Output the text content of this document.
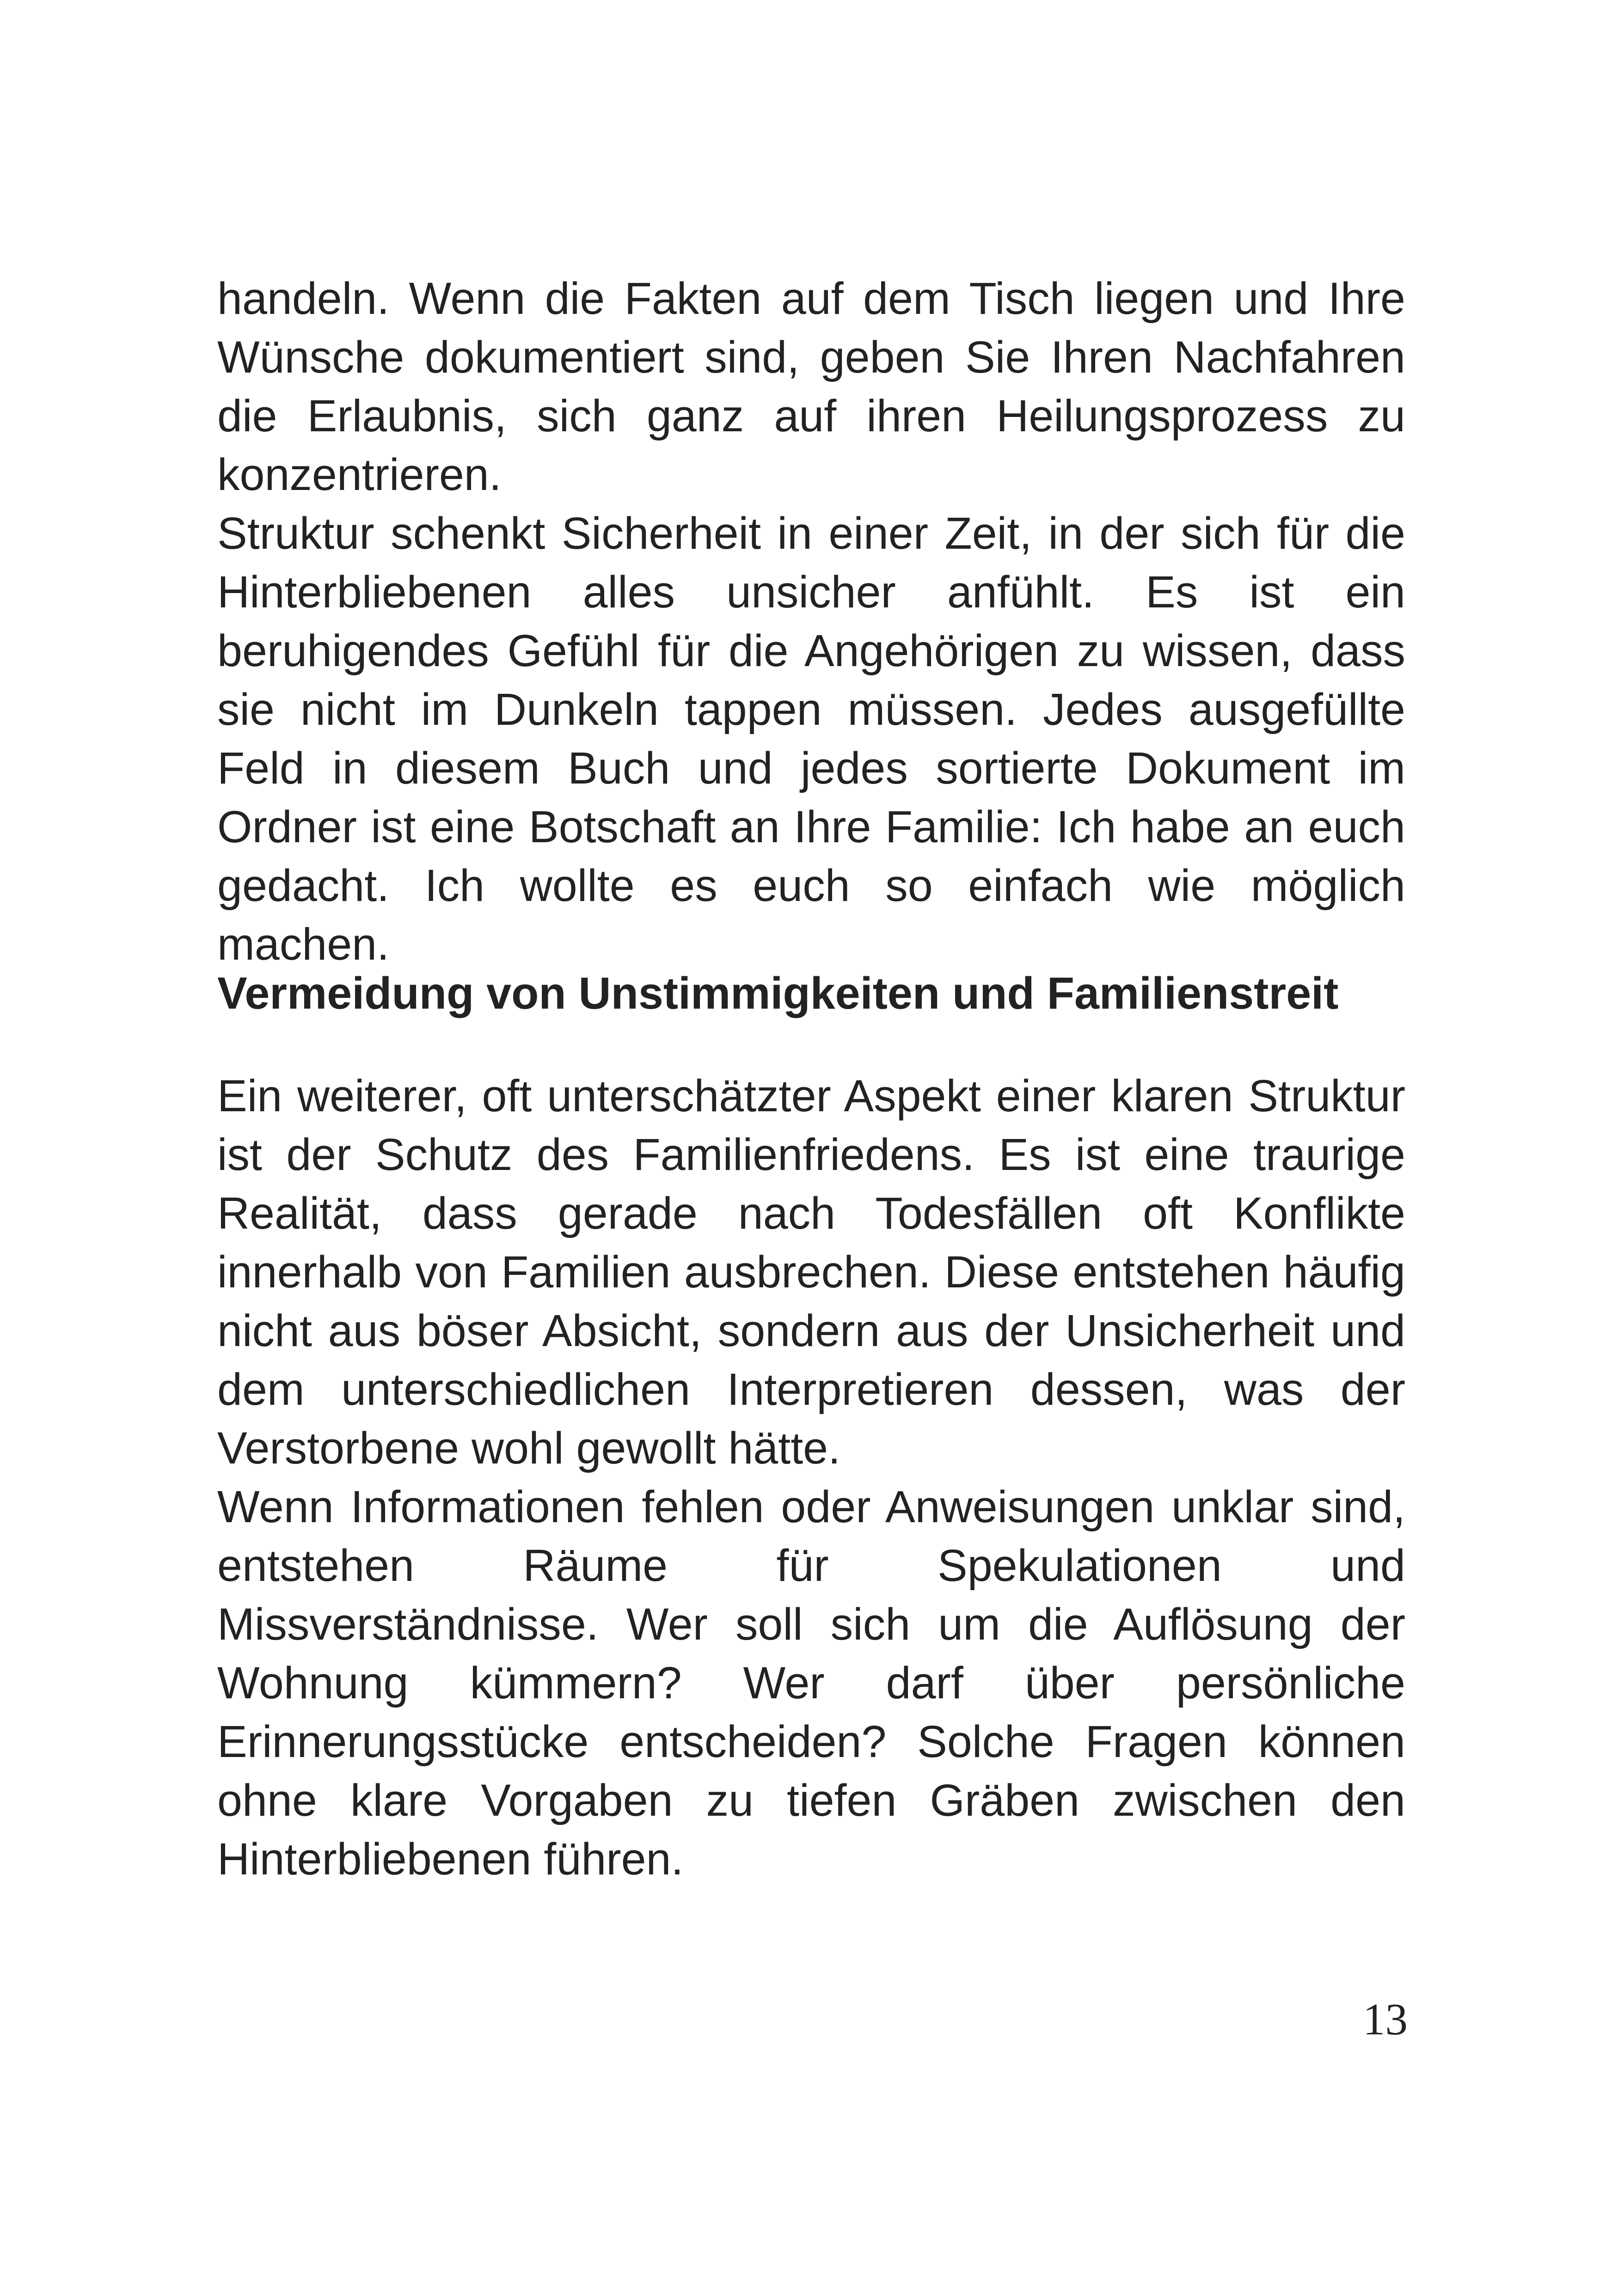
handeln. Wenn die Fakten auf dem Tisch liegen und Ihre Wünsche dokumentiert sind, geben Sie Ihren Nachfahren die Erlaubnis, sich ganz auf ihren Heilungsprozess zu konzentrieren.

Struktur schenkt Sicherheit in einer Zeit, in der sich für die Hinterbliebenen alles unsicher anfühlt. Es ist ein beruhigendes Gefühl für die Angehörigen zu wissen, dass sie nicht im Dunkeln tappen müssen. Jedes ausgefüllte Feld in diesem Buch und jedes sortierte Dokument im Ordner ist eine Botschaft an Ihre Familie: Ich habe an euch gedacht. Ich wollte es euch so einfach wie möglich machen.

Vermeidung von Unstimmigkeiten und Familienstreit

Ein weiterer, oft unterschätzter Aspekt einer klaren Struktur ist der Schutz des Familienfriedens. Es ist eine traurige Realität, dass gerade nach Todesfällen oft Konflikte innerhalb von Familien ausbrechen. Diese entstehen häufig nicht aus böser Absicht, sondern aus der Unsicherheit und dem unterschiedlichen Interpretieren dessen, was der Verstorbene wohl gewollt hätte.

Wenn Informationen fehlen oder Anweisungen unklar sind, entstehen Räume für Spekulationen und Missverständnisse. Wer soll sich um die Auflösung der Wohnung kümmern? Wer darf über persönliche Erinnerungsstücke entscheiden? Solche Fragen können ohne klare Vorgaben zu tiefen Gräben zwischen den Hinterbliebenen führen.

13
